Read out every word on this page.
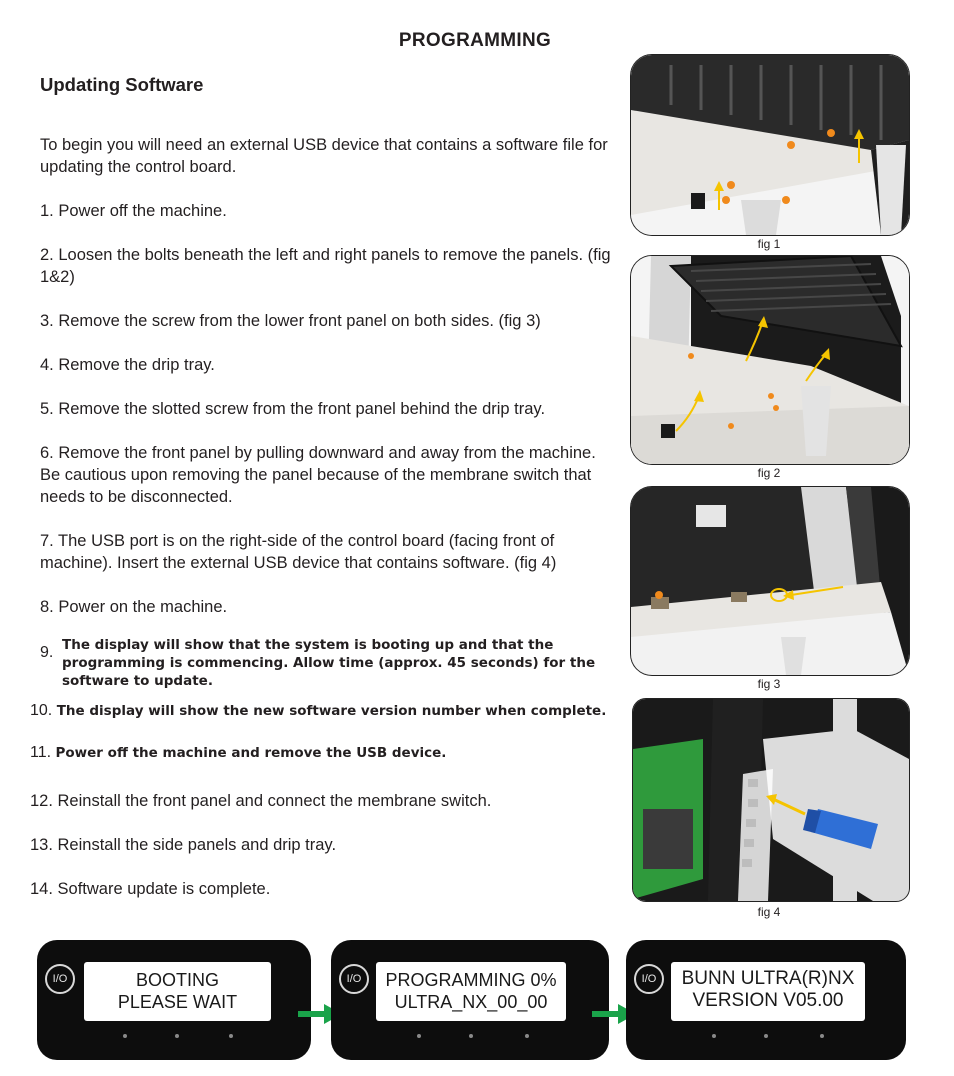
PROGRAMMING
Updating Software
To begin you will need an external USB device that contains a software file for updating the control board.
1. Power off the machine.
2. Loosen the bolts beneath the left and right panels to remove the panels. (fig 1&2)
3. Remove the screw from the lower front panel on both sides. (fig 3)
4. Remove the drip tray.
5. Remove the slotted screw from the front panel behind the drip tray.
6. Remove the front panel by pulling downward and away from the machine. Be cautious upon removing the panel because of the membrane switch that needs to be disconnected.
7. The USB port is on the right-side of the control board (facing front of machine). Insert the external USB device that contains software. (fig 4)
8. Power on the machine.
9. The display will show that the system is booting up and that the programming is commencing. Allow time (approx. 45 seconds) for the software to update.
10. The display will show the new software version number when complete.
11. Power off the machine and remove the USB device.
12. Reinstall the front panel and connect the membrane switch.
13. Reinstall the side panels and drip tray.
14. Software update is complete.
fig 1
fig 2
fig 3
fig 4
I/O	BOOTING
PLEASE WAIT
I/O	PROGRAMMING 0%
ULTRA_NX_00_00
I/O	BUNN ULTRA(R)NX
VERSION V05.00
